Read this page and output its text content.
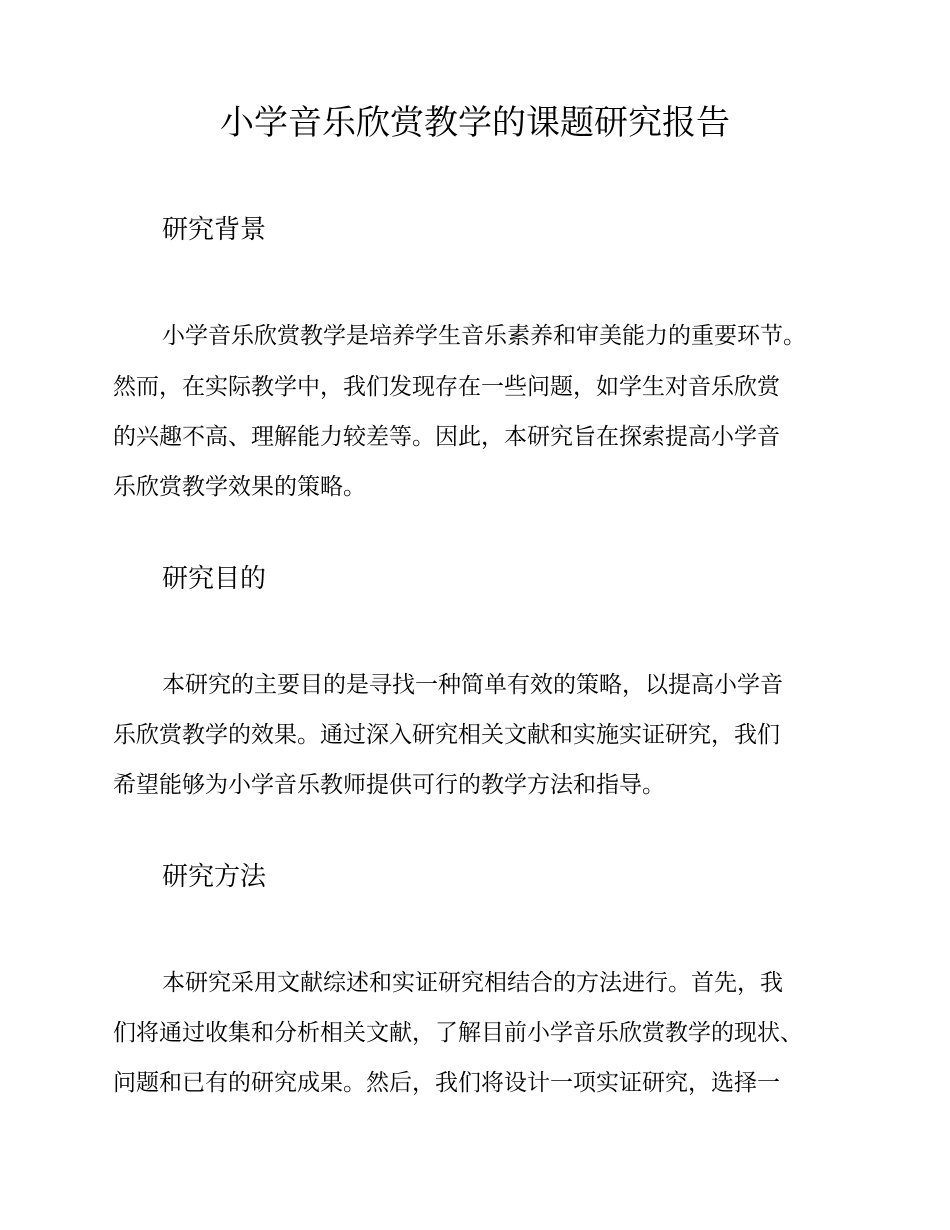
小学音乐欣赏教学的课题研究报告
研究背景
小学音乐欣赏教学是培养学生音乐素养和审美能力的重要环节。
然而，在实际教学中，我们发现存在一些问题，如学生对音乐欣赏
的兴趣不高、理解能力较差等。因此，本研究旨在探索提高小学音
乐欣赏教学效果的策略。
研究目的
本研究的主要目的是寻找一种简单有效的策略，以提高小学音
乐欣赏教学的效果。通过深入研究相关文献和实施实证研究，我们
希望能够为小学音乐教师提供可行的教学方法和指导。
研究方法
本研究采用文献综述和实证研究相结合的方法进行。首先，我
们将通过收集和分析相关文献，了解目前小学音乐欣赏教学的现状、
问题和已有的研究成果。然后，我们将设计一项实证研究，选择一
